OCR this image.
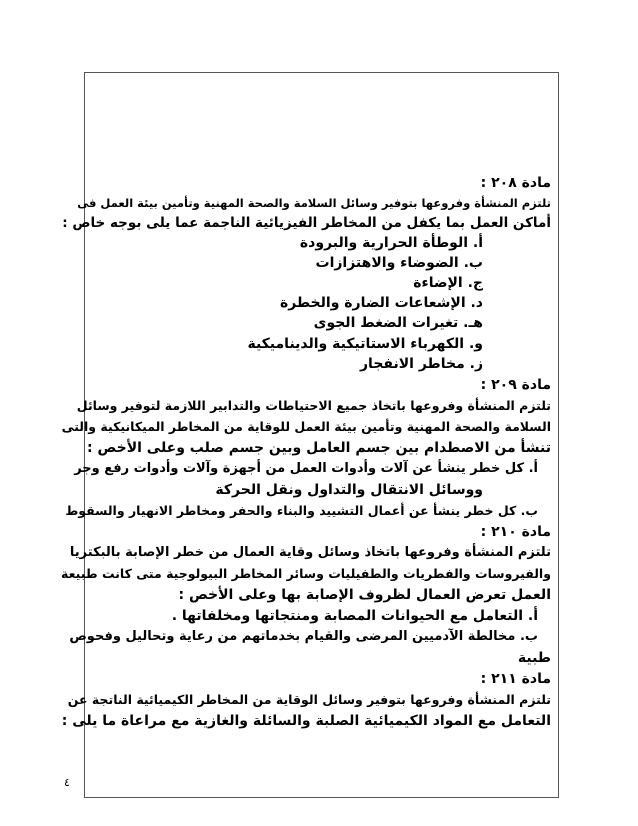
مادة ٢٠٨ :
تلتزم المنشأة وفروعها بتوفير وسائل السلامة والصحة المهنية وتأمين بيئة العمل فى
أماكن العمل بما يكفل من المخاطر الفيزيائية الناجمة عما يلى بوجه خاص :
أ. الوطأة الحرارية والبرودة
ب. الضوضاء والاهتزازات
ج. الإضاءة
د. الإشعاعات الضارة والخطرة
هـ. تغيرات الضغط الجوى
و. الكهرباء الاستاتيكية والديناميكية
ز. مخاطر الانفجار
مادة ٢٠٩ :
تلتزم المنشأة وفروعها باتخاذ جميع الاحتياطات والتدابير اللازمة لتوفير وسائل
السلامة والصحة المهنية وتأمين بيئة العمل للوقاية من المخاطر الميكانيكية والتى
تنشأ من الاصطدام بين جسم العامل وبين جسم صلب وعلى الأخص :
أ. كل خطر ينشأ عن آلات وأدوات العمل من أجهزة وآلات وأدوات رفع وجر
ووسائل الانتقال والتداول ونقل الحركة
ب. كل خطر ينشأ عن أعمال التشييد والبناء والحفر ومخاطر الانهيار والسقوط
مادة ٢١٠ :
تلتزم المنشأة وفروعها باتخاذ وسائل وقاية العمال من خطر الإصابة بالبكتريا
والفيروسات والفطريات والطفيليات وسائر المخاطر البيولوجية متى كانت طبيعة
العمل تعرض العمال لظروف الإصابة بها وعلى الأخص :
أ. التعامل مع الحيوانات المصابة ومنتجاتها ومخلفاتها .
ب. مخالطة الآدميين المرضى والقيام بخدماتهم من رعاية وتحاليل وفحوص
طبية
مادة ٢١١ :
تلتزم المنشأة وفروعها بتوفير وسائل الوقاية من المخاطر الكيميائية الناتجة عن
التعامل مع المواد الكيميائية الصلبة والسائلة والغازية مع مراعاة ما يلى :
٤
